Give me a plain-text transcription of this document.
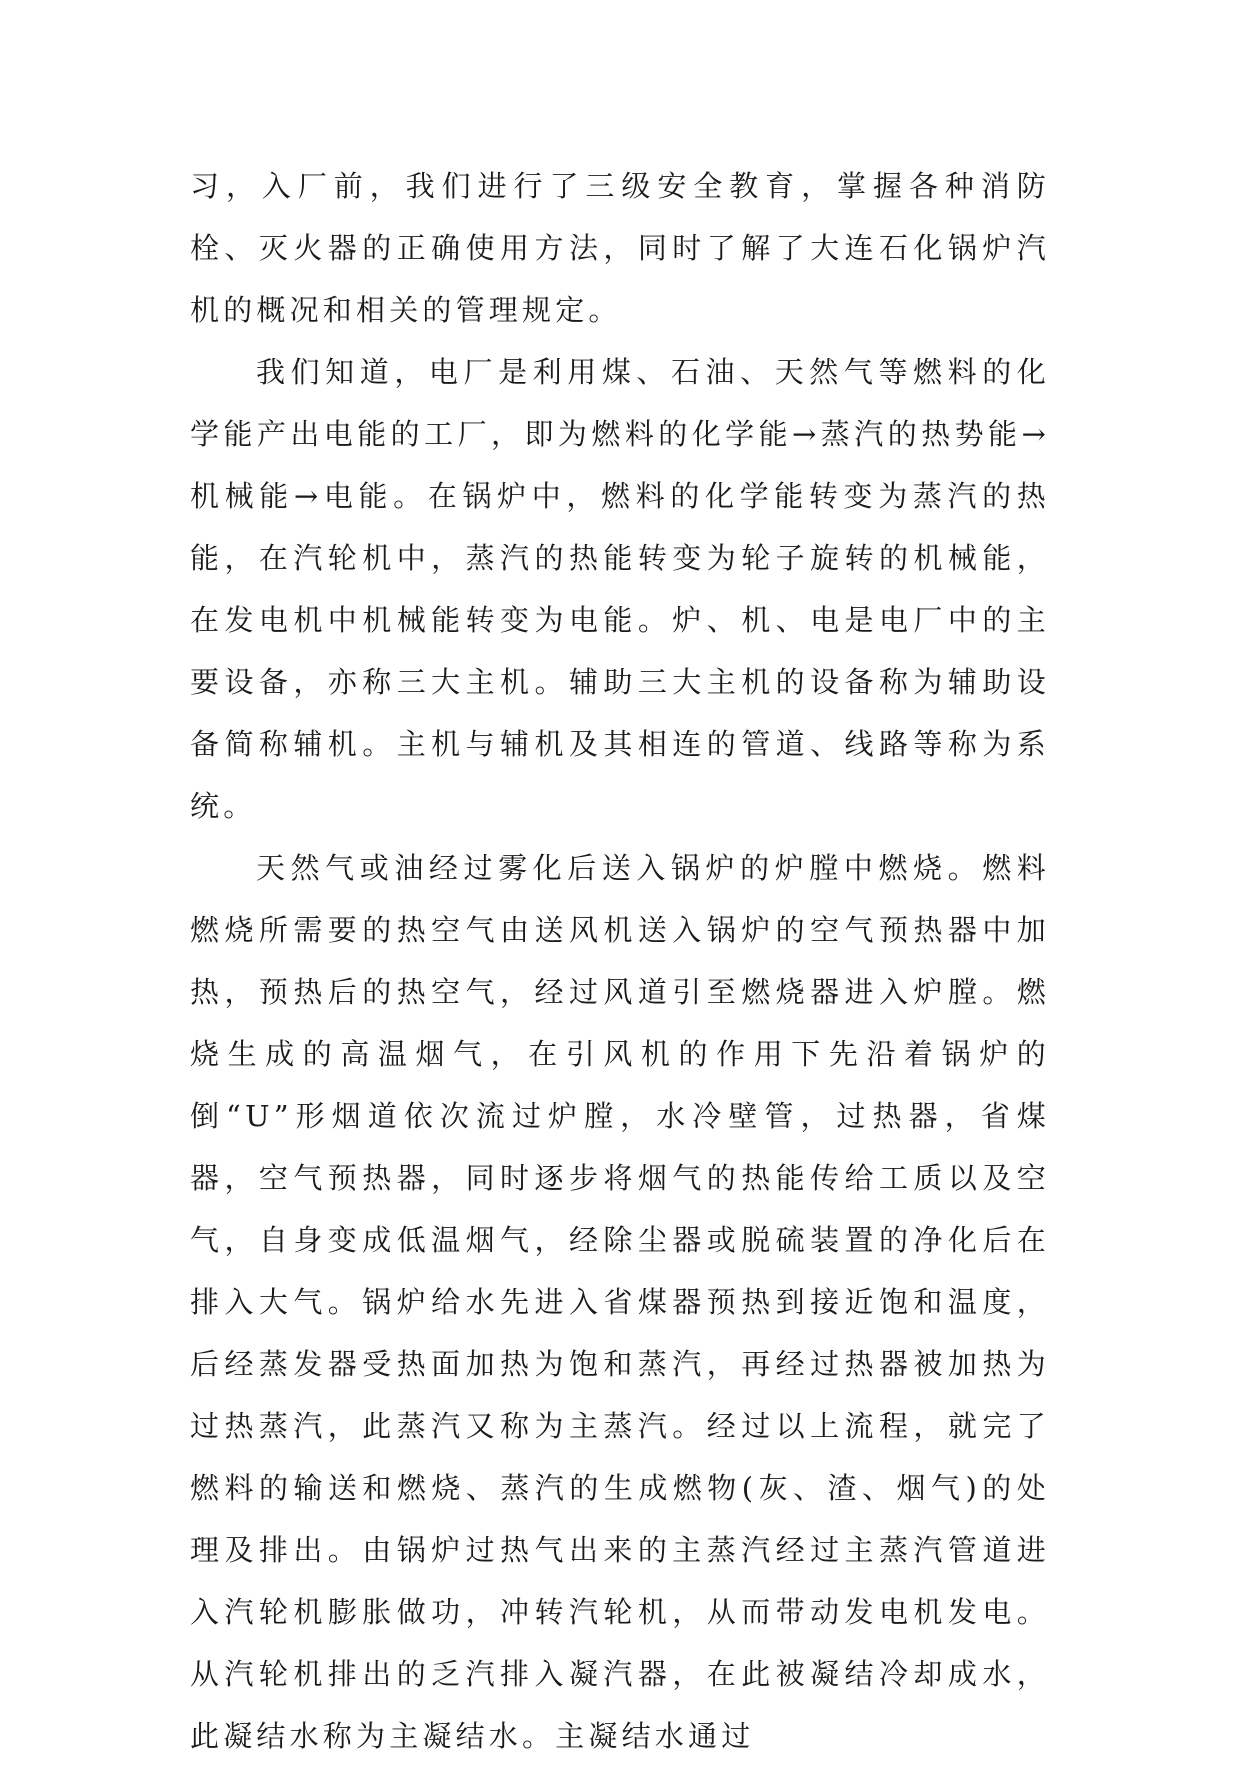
习，入厂前，我们进行了三级安全教育，掌握各种消防栓、灭火器的正确使用方法，同时了解了大连石化锅炉汽机的概况和相关的管理规定。

我们知道，电厂是利用煤、石油、天然气等燃料的化学能产出电能的工厂，即为燃料的化学能→蒸汽的热势能→机械能→电能。在锅炉中，燃料的化学能转变为蒸汽的热能，在汽轮机中，蒸汽的热能转变为轮子旋转的机械能，在发电机中机械能转变为电能。炉、机、电是电厂中的主要设备，亦称三大主机。辅助三大主机的设备称为辅助设备简称辅机。主机与辅机及其相连的管道、线路等称为系统。

天然气或油经过雾化后送入锅炉的炉膛中燃烧。燃料燃烧所需要的热空气由送风机送入锅炉的空气预热器中加热，预热后的热空气，经过风道引至燃烧器进入炉膛。燃烧生成的高温烟气，在引风机的作用下先沿着锅炉的倒“U”形烟道依次流过炉膛，水冷壁管，过热器，省煤器，空气预热器，同时逐步将烟气的热能传给工质以及空气，自身变成低温烟气，经除尘器或脱硫装置的净化后在排入大气。锅炉给水先进入省煤器预热到接近饱和温度，后经蒸发器受热面加热为饱和蒸汽，再经过热器被加热为过热蒸汽，此蒸汽又称为主蒸汽。经过以上流程，就完了燃料的输送和燃烧、蒸汽的生成燃物(灰、渣、烟气)的处理及排出。由锅炉过热气出来的主蒸汽经过主蒸汽管道进入汽轮机膨胀做功，冲转汽轮机，从而带动发电机发电。从汽轮机排出的乏汽排入凝汽器，在此被凝结冷却成水，此凝结水称为主凝结水。主凝结水通过
